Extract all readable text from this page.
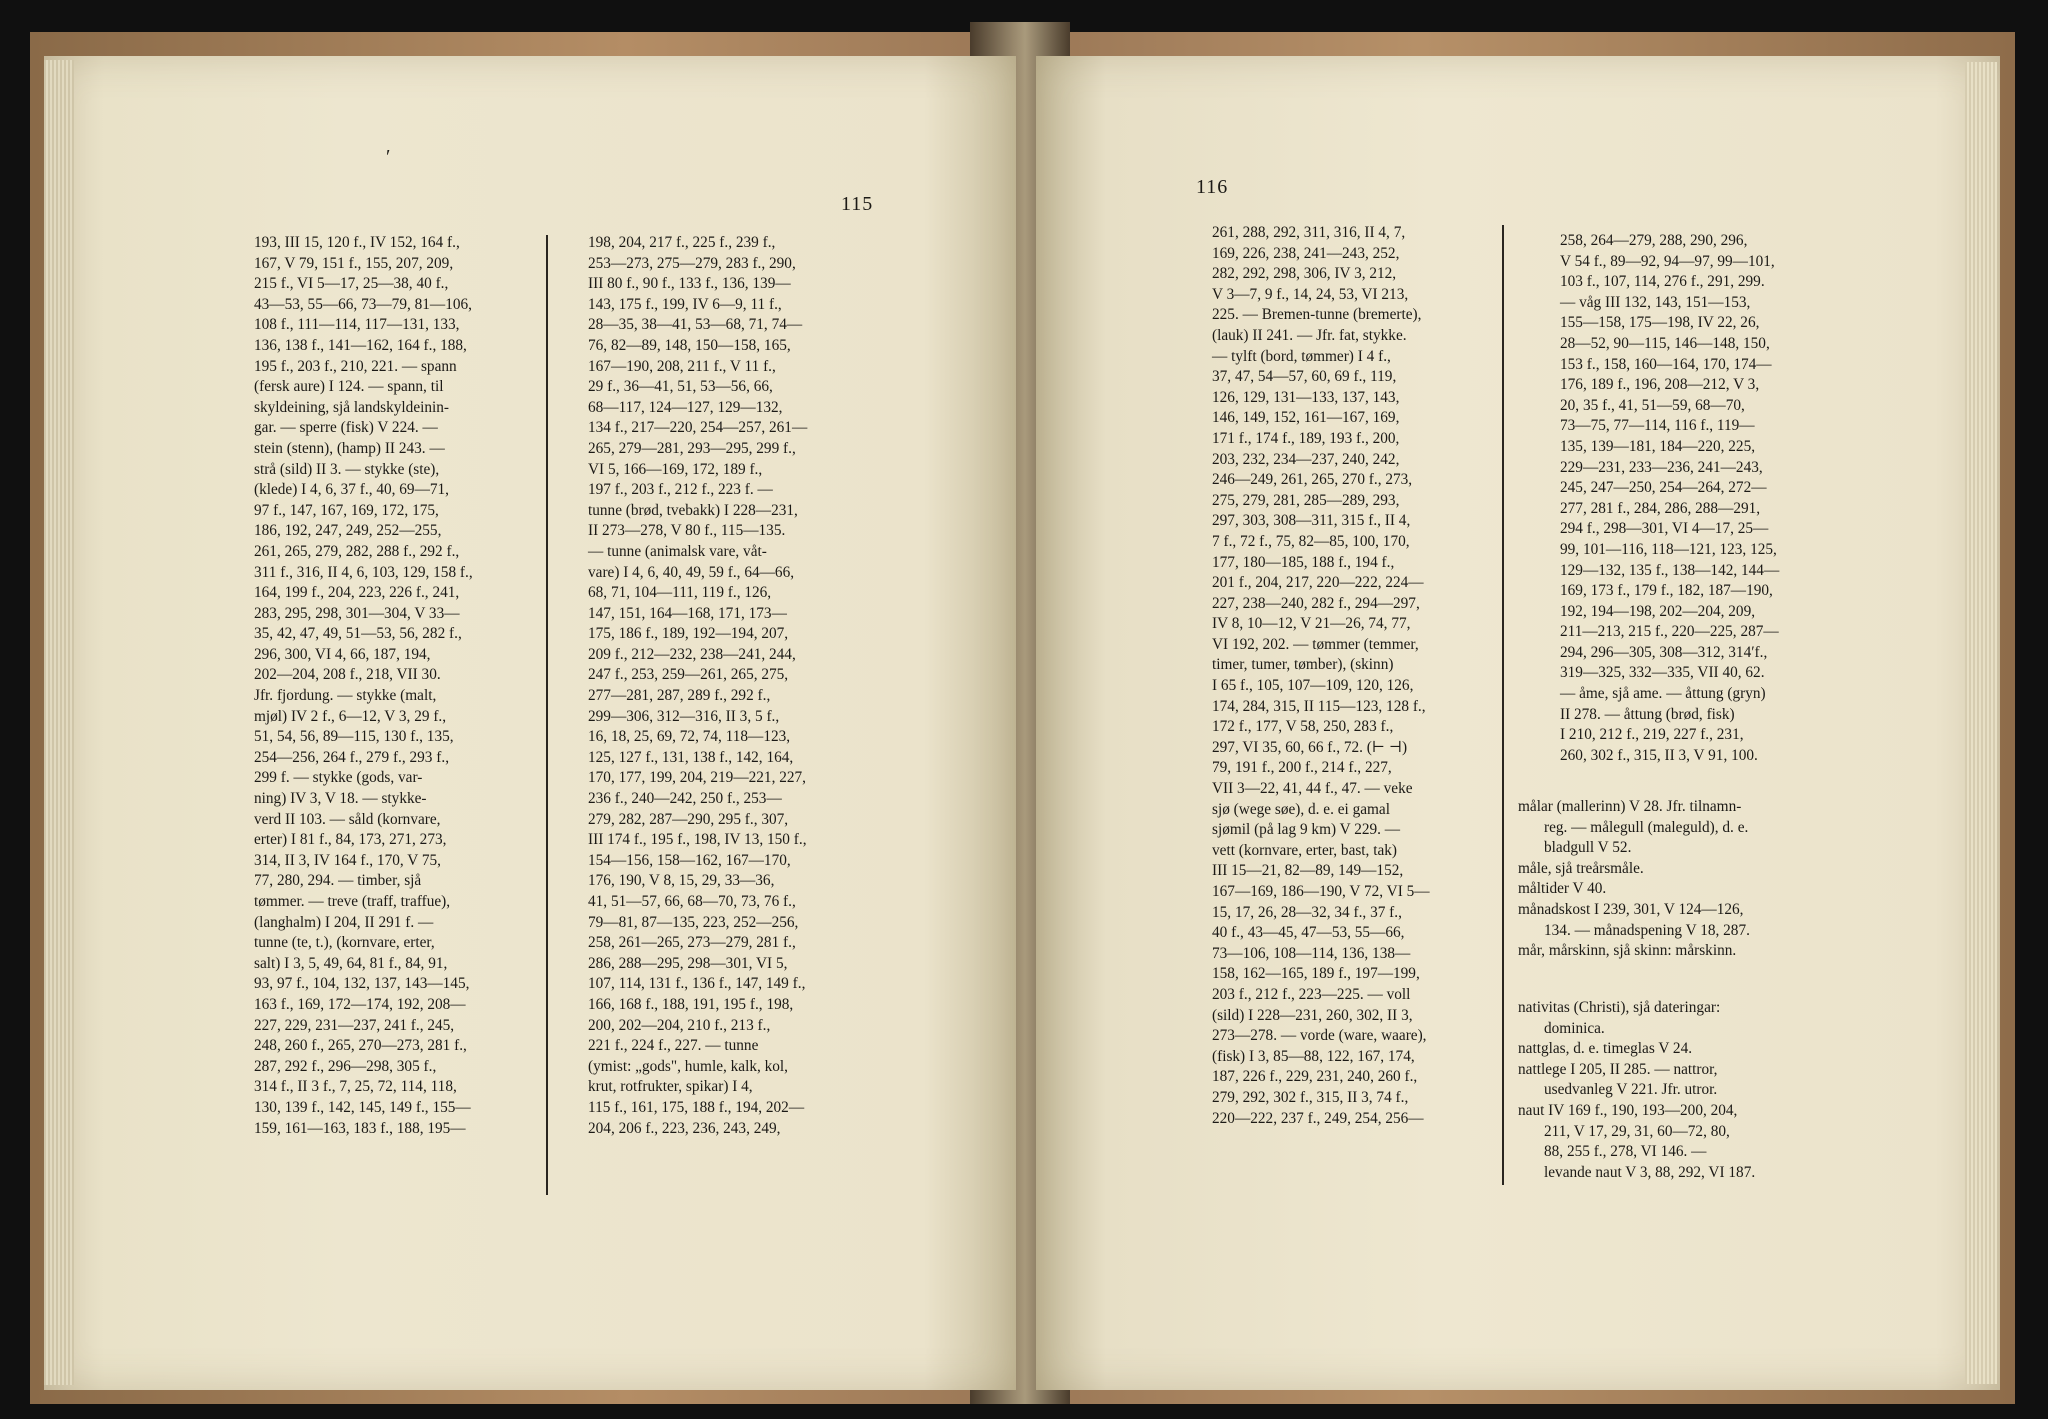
′
115
193, III 15, 120 f., IV 152, 164 f.,
167, V 79, 151 f., 155, 207, 209,
215 f., VI 5—17, 25—38, 40 f.,
43—53, 55—66, 73—79, 81—106,
108 f., 111—114, 117—131, 133,
136, 138 f., 141—162, 164 f., 188,
195 f., 203 f., 210, 221. — spann
(fersk aure) I 124. — spann, til
skyldeining, sjå landskyldeinin-
gar. — sperre (fisk) V 224. —
stein (stenn), (hamp) II 243. —
strå (sild) II 3. — stykke (ste),
(klede) I 4, 6, 37 f., 40, 69—71,
97 f., 147, 167, 169, 172, 175,
186, 192, 247, 249, 252—255,
261, 265, 279, 282, 288 f., 292 f.,
311 f., 316, II 4, 6, 103, 129, 158 f.,
164, 199 f., 204, 223, 226 f., 241,
283, 295, 298, 301—304, V 33—
35, 42, 47, 49, 51—53, 56, 282 f.,
296, 300, VI 4, 66, 187, 194,
202—204, 208 f., 218, VII 30.
Jfr. fjordung. — stykke (malt,
mjøl) IV 2 f., 6—12, V 3, 29 f.,
51, 54, 56, 89—115, 130 f., 135,
254—256, 264 f., 279 f., 293 f.,
299 f. — stykke (gods, var-
ning) IV 3, V 18. — stykke-
verd II 103. — såld (kornvare,
erter) I 81 f., 84, 173, 271, 273,
314, II 3, IV 164 f., 170, V 75,
77, 280, 294. — timber, sjå
tømmer. — treve (traff, traffue),
(langhalm) I 204, II 291 f. —
tunne (te, t.), (kornvare, erter,
salt) I 3, 5, 49, 64, 81 f., 84, 91,
93, 97 f., 104, 132, 137, 143—145,
163 f., 169, 172—174, 192, 208—
227, 229, 231—237, 241 f., 245,
248, 260 f., 265, 270—273, 281 f.,
287, 292 f., 296—298, 305 f.,
314 f., II 3 f., 7, 25, 72, 114, 118,
130, 139 f., 142, 145, 149 f., 155—
159, 161—163, 183 f., 188, 195—
198, 204, 217 f., 225 f., 239 f.,
253—273, 275—279, 283 f., 290,
III 80 f., 90 f., 133 f., 136, 139—
143, 175 f., 199, IV 6—9, 11 f.,
28—35, 38—41, 53—68, 71, 74—
76, 82—89, 148, 150—158, 165,
167—190, 208, 211 f., V 11 f.,
29 f., 36—41, 51, 53—56, 66,
68—117, 124—127, 129—132,
134 f., 217—220, 254—257, 261—
265, 279—281, 293—295, 299 f.,
VI 5, 166—169, 172, 189 f.,
197 f., 203 f., 212 f., 223 f. —
tunne (brød, tvebakk) I 228—231,
II 273—278, V 80 f., 115—135.
— tunne (animalsk vare, våt-
vare) I 4, 6, 40, 49, 59 f., 64—66,
68, 71, 104—111, 119 f., 126,
147, 151, 164—168, 171, 173—
175, 186 f., 189, 192—194, 207,
209 f., 212—232, 238—241, 244,
247 f., 253, 259—261, 265, 275,
277—281, 287, 289 f., 292 f.,
299—306, 312—316, II 3, 5 f.,
16, 18, 25, 69, 72, 74, 118—123,
125, 127 f., 131, 138 f., 142, 164,
170, 177, 199, 204, 219—221, 227,
236 f., 240—242, 250 f., 253—
279, 282, 287—290, 295 f., 307,
III 174 f., 195 f., 198, IV 13, 150 f.,
154—156, 158—162, 167—170,
176, 190, V 8, 15, 29, 33—36,
41, 51—57, 66, 68—70, 73, 76 f.,
79—81, 87—135, 223, 252—256,
258, 261—265, 273—279, 281 f.,
286, 288—295, 298—301, VI 5,
107, 114, 131 f., 136 f., 147, 149 f.,
166, 168 f., 188, 191, 195 f., 198,
200, 202—204, 210 f., 213 f.,
221 f., 224 f., 227. — tunne
(ymist: „gods", humle, kalk, kol,
krut, rotfrukter, spikar) I 4,
115 f., 161, 175, 188 f., 194, 202—
204, 206 f., 223, 236, 243, 249,
116
261, 288, 292, 311, 316, II 4, 7,
169, 226, 238, 241—243, 252,
282, 292, 298, 306, IV 3, 212,
V 3—7, 9 f., 14, 24, 53, VI 213,
225. — Bremen-tunne (bremerte),
(lauk) II 241. — Jfr. fat, stykke.
— tylft (bord, tømmer) I 4 f.,
37, 47, 54—57, 60, 69 f., 119,
126, 129, 131—133, 137, 143,
146, 149, 152, 161—167, 169,
171 f., 174 f., 189, 193 f., 200,
203, 232, 234—237, 240, 242,
246—249, 261, 265, 270 f., 273,
275, 279, 281, 285—289, 293,
297, 303, 308—311, 315 f., II 4,
7 f., 72 f., 75, 82—85, 100, 170,
177, 180—185, 188 f., 194 f.,
201 f., 204, 217, 220—222, 224—
227, 238—240, 282 f., 294—297,
IV 8, 10—12, V 21—26, 74, 77,
VI 192, 202. — tømmer (temmer,
timer, tumer, tømber), (skinn)
I 65 f., 105, 107—109, 120, 126,
174, 284, 315, II 115—123, 128 f.,
172 f., 177, V 58, 250, 283 f.,
297, VI 35, 60, 66 f., 72. (⊢ ⊣)
79, 191 f., 200 f., 214 f., 227,
VII 3—22, 41, 44 f., 47. — veke
sjø (wege søe), d. e. ei gamal
sjømil (på lag 9 km) V 229. —
vett (kornvare, erter, bast, tak)
III 15—21, 82—89, 149—152,
167—169, 186—190, V 72, VI 5—
15, 17, 26, 28—32, 34 f., 37 f.,
40 f., 43—45, 47—53, 55—66,
73—106, 108—114, 136, 138—
158, 162—165, 189 f., 197—199,
203 f., 212 f., 223—225. — voll
(sild) I 228—231, 260, 302, II 3,
273—278. — vorde (ware, waare),
(fisk) I 3, 85—88, 122, 167, 174,
187, 226 f., 229, 231, 240, 260 f.,
279, 292, 302 f., 315, II 3, 74 f.,
220—222, 237 f., 249, 254, 256—
258, 264—279, 288, 290, 296,
V 54 f., 89—92, 94—97, 99—101,
103 f., 107, 114, 276 f., 291, 299.
— våg III 132, 143, 151—153,
155—158, 175—198, IV 22, 26,
28—52, 90—115, 146—148, 150,
153 f., 158, 160—164, 170, 174—
176, 189 f., 196, 208—212, V 3,
20, 35 f., 41, 51—59, 68—70,
73—75, 77—114, 116 f., 119—
135, 139—181, 184—220, 225,
229—231, 233—236, 241—243,
245, 247—250, 254—264, 272—
277, 281 f., 284, 286, 288—291,
294 f., 298—301, VI 4—17, 25—
99, 101—116, 118—121, 123, 125,
129—132, 135 f., 138—142, 144—
169, 173 f., 179 f., 182, 187—190,
192, 194—198, 202—204, 209,
211—213, 215 f., 220—225, 287—
294, 296—305, 308—312, 314′f.,
319—325, 332—335, VII 40, 62.
— åme, sjå ame. — åttung (gryn)
II 278. — åttung (brød, fisk)
I 210, 212 f., 219, 227 f., 231,
260, 302 f., 315, II 3, V 91, 100.
målar (mallerinn) V 28. Jfr. tilnamn-
reg. — målegull (maleguld), d. e.
bladgull V 52.
måle, sjå treårsmåle.
måltider V 40.
månadskost I 239, 301, V 124—126,
134. — månadspening V 18, 287.
mår, mårskinn, sjå skinn: mårskinn.
nativitas (Christi), sjå dateringar:
dominica.
nattglas, d. e. timeglas V 24.
nattlege I 205, II 285. — nattror,
usedvanleg V 221. Jfr. utror.
naut IV 169 f., 190, 193—200, 204,
211, V 17, 29, 31, 60—72, 80,
88, 255 f., 278, VI 146. —
levande naut V 3, 88, 292, VI 187.
